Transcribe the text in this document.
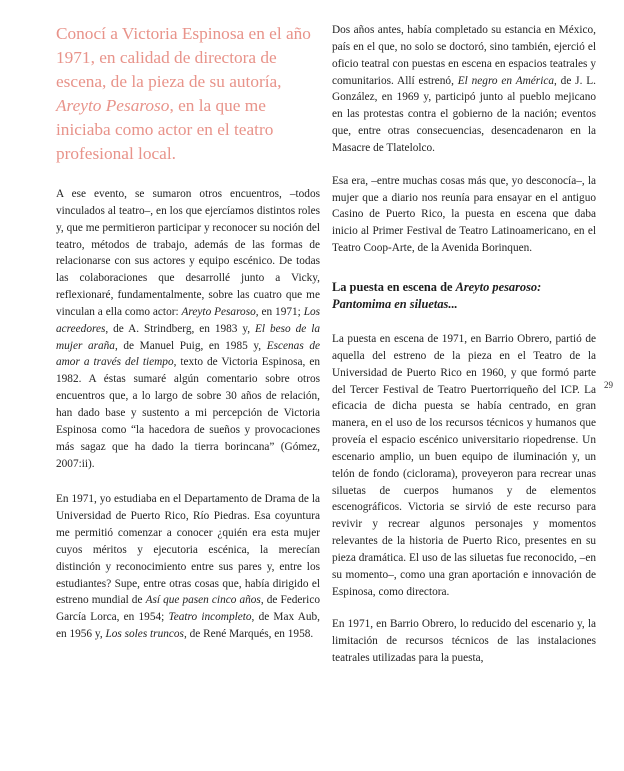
Conocí a Victoria Espinosa en el año 1971, en calidad de directora de escena, de la pieza de su autoría, Areyto Pesaroso, en la que me iniciaba como actor en el teatro profesional local.

A ese evento, se sumaron otros encuentros, –todos vinculados al teatro–, en los que ejercíamos distintos roles y, que me permitieron participar y reconocer su noción del teatro, métodos de trabajo, además de las formas de relacionarse con sus actores y equipo escénico. De todas las colaboraciones que desarrollé junto a Vicky, reflexionaré, fundamentalmente, sobre las cuatro que me vinculan a ella como actor: Areyto Pesaroso, en 1971; Los acreedores, de A. Strindberg, en 1983 y, El beso de la mujer araña, de Manuel Puig, en 1985 y, Escenas de amor a través del tiempo, texto de Victoria Espinosa, en 1982. A éstas sumaré algún comentario sobre otros encuentros que, a lo largo de sobre 30 años de relación, han dado base y sustento a mi percepción de Victoria Espinosa como “la hacedora de sueños y provocaciones más sagaz que ha dado la tierra borincana” (Gómez, 2007:ii).

En 1971, yo estudiaba en el Departamento de Drama de la Universidad de Puerto Rico, Río Piedras. Esa coyuntura me permitió comenzar a conocer ¿quién era esta mujer cuyos méritos y ejecutoria escénica, la merecían distinción y reconocimiento entre sus pares y, entre los estudiantes? Supe, entre otras cosas que, había dirigido el estreno mundial de Así que pasen cinco años, de Federico García Lorca, en 1954; Teatro incompleto, de Max Aub, en 1956 y, Los soles truncos, de René Marqués, en 1958.

Dos años antes, había completado su estancia en México, país en el que, no solo se doctoró, sino también, ejerció el oficio teatral con puestas en escena en espacios teatrales y comunitarios. Allí estrenó, El negro en América, de J. L. González, en 1969 y, participó junto al pueblo mejicano en las protestas contra el gobierno de la nación; eventos que, entre otras consecuencias, desencadenaron en la Masacre de Tlatelolco.

Esa era, –entre muchas cosas más que, yo desconocía–, la mujer que a diario nos reunía para ensayar en el antiguo Casino de Puerto Rico, la puesta en escena que daba inicio al Primer Festival de Teatro Latinoamericano, en el Teatro Coop-Arte, de la Avenida Borinquen.

La puesta en escena de Areyto pesaroso: Pantomima en siluetas...

La puesta en escena de 1971, en Barrio Obrero, partió de aquella del estreno de la pieza en el Teatro de la Universidad de Puerto Rico en 1960, y que formó parte del Tercer Festival de Teatro Puertorriqueño del ICP. La eficacia de dicha puesta se había centrado, en gran manera, en el uso de los recursos técnicos y humanos que proveía el espacio escénico universitario riopedrense. Un escenario amplio, un buen equipo de iluminación y, un telón de fondo (ciclorama), proveyeron para recrear unas siluetas de cuerpos humanos y de elementos escenográficos. Victoria se sirvió de este recurso para revivir y recrear algunos personajes y momentos relevantes de la historia de Puerto Rico, presentes en su pieza dramática. El uso de las siluetas fue reconocido, –en su momento–, como una gran aportación e innovación de Espinosa, como directora.

En 1971, en Barrio Obrero, lo reducido del escenario y, la limitación de recursos técnicos de las instalaciones teatrales utilizadas para la puesta,

29
